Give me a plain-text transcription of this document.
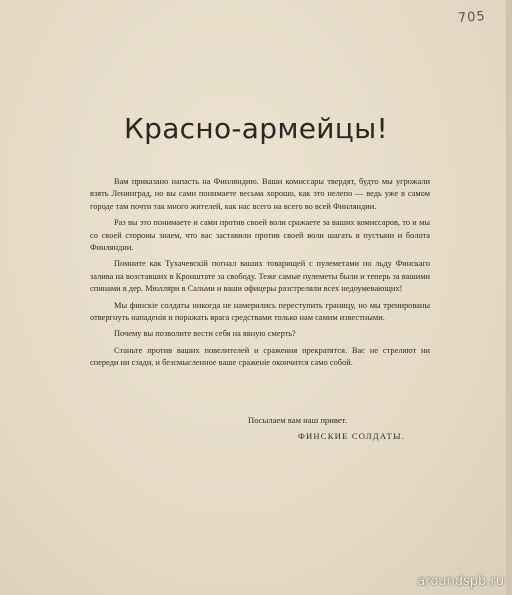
705
Красно-армейцы!

Вам приказано напасть на Финляндию. Ваши комиссары твердят, будто мы угрожали взять Ленинград, но вы сами понимаете весьма хорошо, как это нелепо — ведь уже в самом городе там почти так много жителей, как нас всего на всего во всей Финляндии.

Раз вы это понимаете и сами против своей воли сражаете за ваших комиссаров, то и мы со своей стороны знаем, что вас заставили против своей воли шагать в пустыни и болота Финляндии.

Помните как Тухачевскій погнал ваших товарищей с пулеметами по льду Финскаго залива на возставших в Кронштате за свободу. Теже самые пулеметы были и теперь за вашими спинами в дер. Мюлляри в Сальми и ваши офицеры разстреляли всех недоумевающих!

Мы финскіе солдаты никогда не намерились переступить границу, но мы тренированы отвергнуть нападенія и поражать врага средствами только нам самим известными.

Почему вы позволите вести себя на явную смерть?

Станьте против ваших повелителей и сражения прекратятся. Вас не стреляют ни спереди ни сзади, и безсмысленное ваше сраженіе окончится само собой.

Посылаем вам наш привет.
ФИНСКИЕ СОЛДАТЫ.
aroundspb.ru
